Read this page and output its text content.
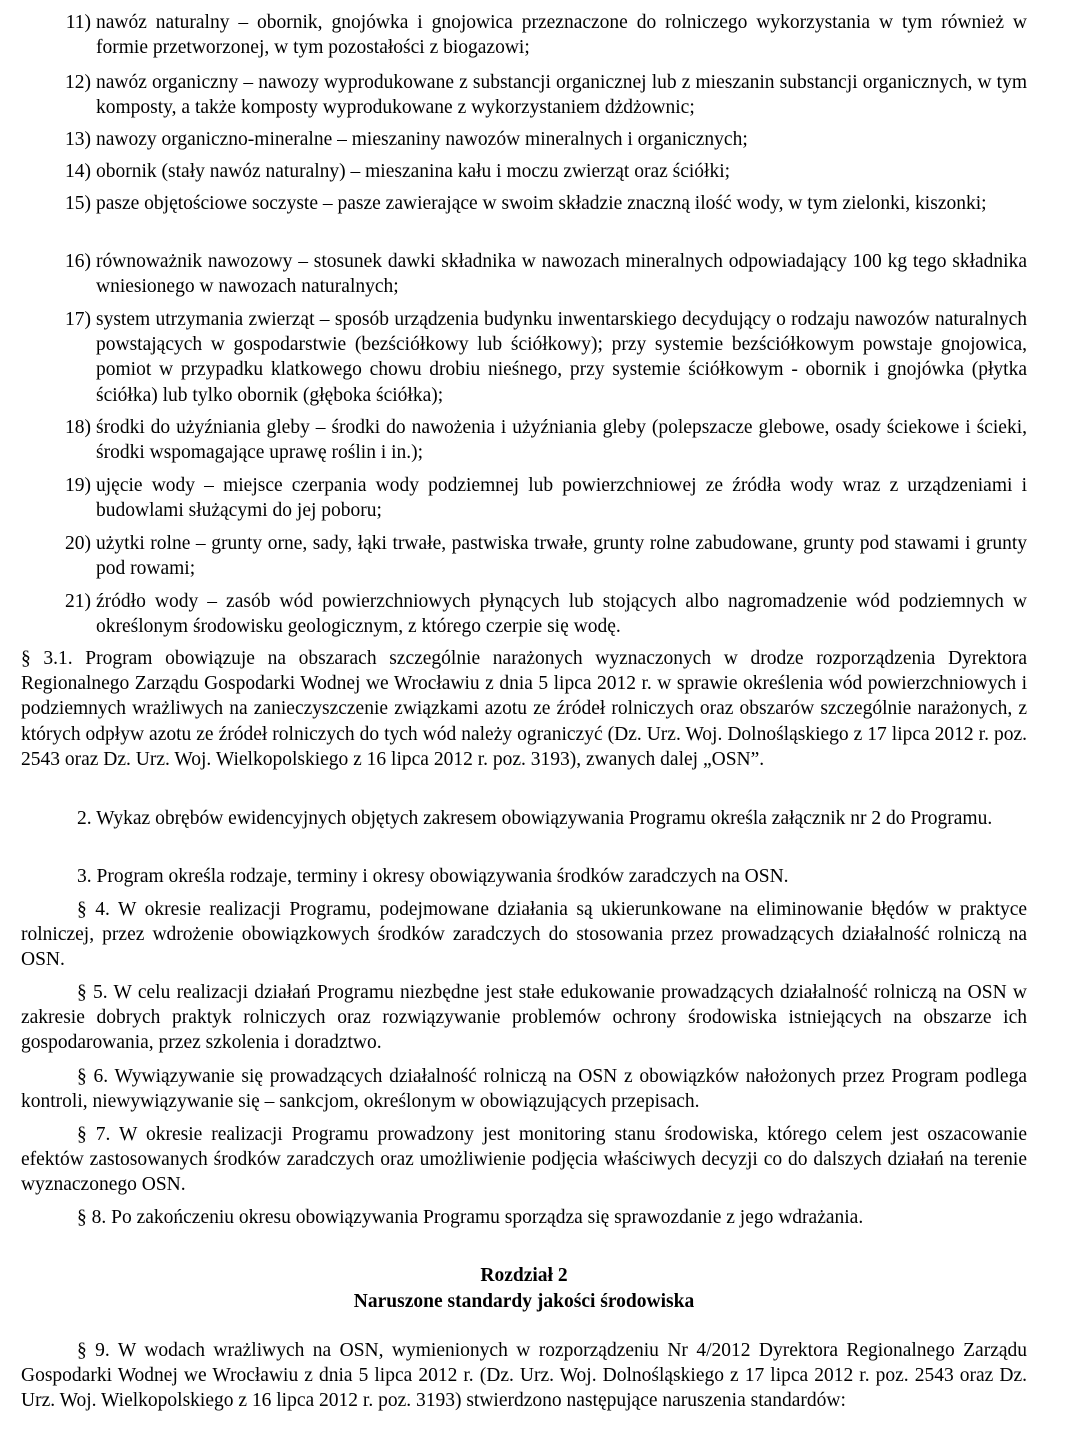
11) nawóz naturalny – obornik, gnojówka i gnojowica przeznaczone do rolniczego wykorzystania w tym również w formie przetworzonej, w tym pozostałości z biogazowi;
12) nawóz organiczny – nawozy wyprodukowane z substancji organicznej lub z mieszanin substancji organicznych, w tym komposty, a także komposty wyprodukowane z wykorzystaniem dżdżownic;
13) nawozy organiczno-mineralne – mieszaniny nawozów mineralnych i organicznych;
14) obornik (stały nawóz naturalny) – mieszanina kału i moczu zwierząt oraz ściółki;
15) pasze objętościowe soczyste – pasze zawierające w swoim składzie znaczną ilość wody, w tym zielonki, kiszonki;
16) równoważnik nawozowy – stosunek dawki składnika w nawozach mineralnych odpowiadający 100 kg tego składnika wniesionego w nawozach naturalnych;
17) system utrzymania zwierząt – sposób urządzenia budynku inwentarskiego decydujący o rodzaju nawozów naturalnych powstających w gospodarstwie (bezściółkowy lub ściółkowy); przy systemie bezściółkowym powstaje gnojowica, pomiot w przypadku klatkowego chowu drobiu nieśnego, przy systemie ściółkowym - obornik i gnojówka (płytka ściółka) lub tylko obornik (głęboka ściółka);
18) środki do użyźniania gleby – środki do nawożenia i użyźniania gleby (polepszacze glebowe, osady ściekowe i ścieki, środki wspomagające uprawę roślin i in.);
19) ujęcie wody – miejsce czerpania wody podziemnej lub powierzchniowej ze źródła wody wraz z urządzeniami i budowlami służącymi do jej poboru;
20) użytki rolne – grunty orne, sady, łąki trwałe, pastwiska trwałe, grunty rolne zabudowane, grunty pod stawami i grunty pod rowami;
21) źródło wody – zasób wód powierzchniowych płynących lub stojących albo nagromadzenie wód podziemnych w określonym środowisku geologicznym, z którego czerpie się wodę.
§ 3.1. Program obowiązuje na obszarach szczególnie narażonych wyznaczonych w drodze rozporządzenia Dyrektora Regionalnego Zarządu Gospodarki Wodnej we Wrocławiu z dnia 5 lipca 2012 r. w sprawie określenia wód powierzchniowych i podziemnych wrażliwych na zanieczyszczenie związkami azotu ze źródeł rolniczych oraz obszarów szczególnie narażonych, z których odpływ azotu ze źródeł rolniczych do tych wód należy ograniczyć (Dz. Urz. Woj. Dolnośląskiego z 17 lipca 2012 r. poz. 2543 oraz Dz. Urz. Woj. Wielkopolskiego z 16 lipca 2012 r. poz. 3193), zwanych dalej „OSN”.
2. Wykaz obrębów ewidencyjnych objętych zakresem obowiązywania Programu określa załącznik nr 2 do Programu.
3. Program określa rodzaje, terminy i okresy obowiązywania środków zaradczych na OSN.
§ 4. W okresie realizacji Programu, podejmowane działania są ukierunkowane na eliminowanie błędów w praktyce rolniczej, przez wdrożenie obowiązkowych środków zaradczych do stosowania przez prowadzących działalność rolniczą na OSN.
§ 5. W celu realizacji działań Programu niezbędne jest stałe edukowanie prowadzących działalność rolniczą na OSN w zakresie dobrych praktyk rolniczych oraz rozwiązywanie problemów ochrony środowiska istniejących na obszarze ich gospodarowania, przez szkolenia i doradztwo.
§ 6. Wywiązywanie się prowadzących działalność rolniczą na OSN z obowiązków nałożonych przez Program podlega kontroli, niewywiązywanie się – sankcjom, określonym w obowiązujących przepisach.
§ 7. W okresie realizacji Programu prowadzony jest monitoring stanu środowiska, którego celem jest oszacowanie efektów zastosowanych środków zaradczych oraz umożliwienie podjęcia właściwych decyzji co do dalszych działań na terenie wyznaczonego OSN.
§ 8. Po zakończeniu okresu obowiązywania Programu sporządza się sprawozdanie z jego wdrażania.
Rozdział 2
Naruszone standardy jakości środowiska
§ 9. W wodach wrażliwych na OSN, wymienionych w rozporządzeniu Nr 4/2012 Dyrektora Regionalnego Zarządu Gospodarki Wodnej we Wrocławiu z dnia 5 lipca 2012 r. (Dz. Urz. Woj. Dolnośląskiego z 17 lipca 2012 r. poz. 2543 oraz Dz. Urz. Woj. Wielkopolskiego z 16 lipca 2012 r. poz. 3193) stwierdzono następujące naruszenia standardów:
